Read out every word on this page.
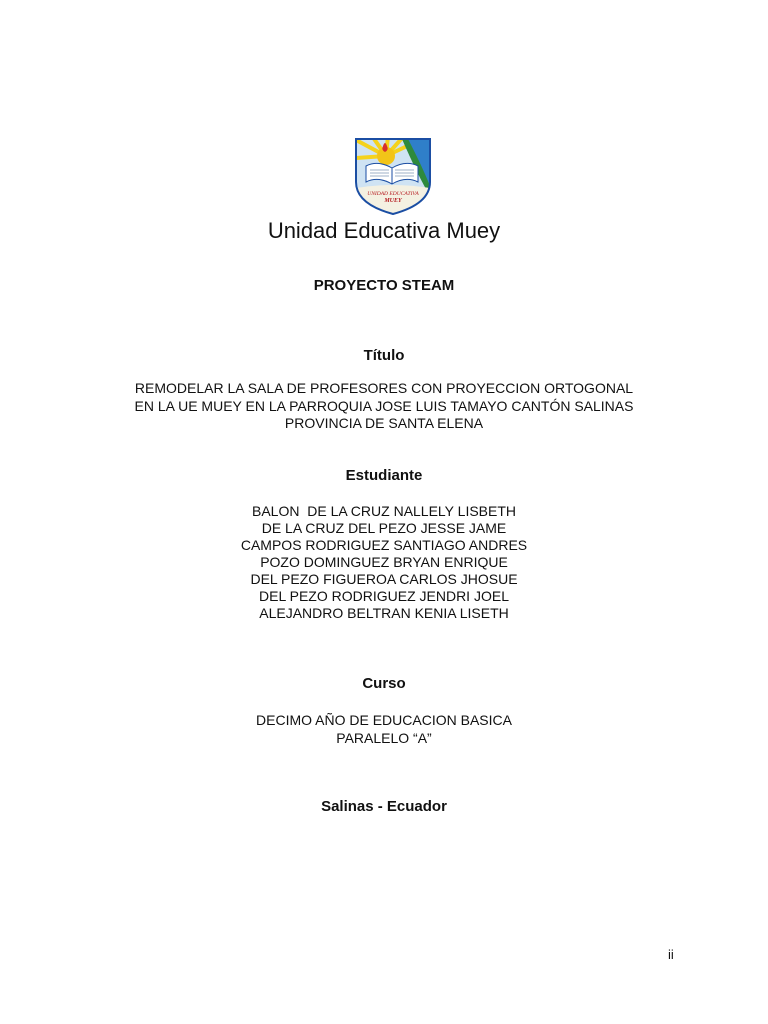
UNIDAD EDUCATIVA
MUEY
Unidad Educativa Muey
PROYECTO STEAM
Título
REMODELAR LA SALA DE PROFESORES CON PROYECCION ORTOGONAL
EN LA UE MUEY EN LA PARROQUIA JOSE LUIS TAMAYO CANTÓN SALINAS
PROVINCIA DE SANTA ELENA
Estudiante
BALON  DE LA CRUZ NALLELY LISBETH
DE LA CRUZ DEL PEZO JESSE JAME
CAMPOS RODRIGUEZ SANTIAGO ANDRES
POZO DOMINGUEZ BRYAN ENRIQUE
DEL PEZO FIGUEROA CARLOS JHOSUE
DEL PEZO RODRIGUEZ JENDRI JOEL
ALEJANDRO BELTRAN KENIA LISETH
Curso
DECIMO AÑO DE EDUCACION BASICA
PARALELO “A”
Salinas - Ecuador
ii
